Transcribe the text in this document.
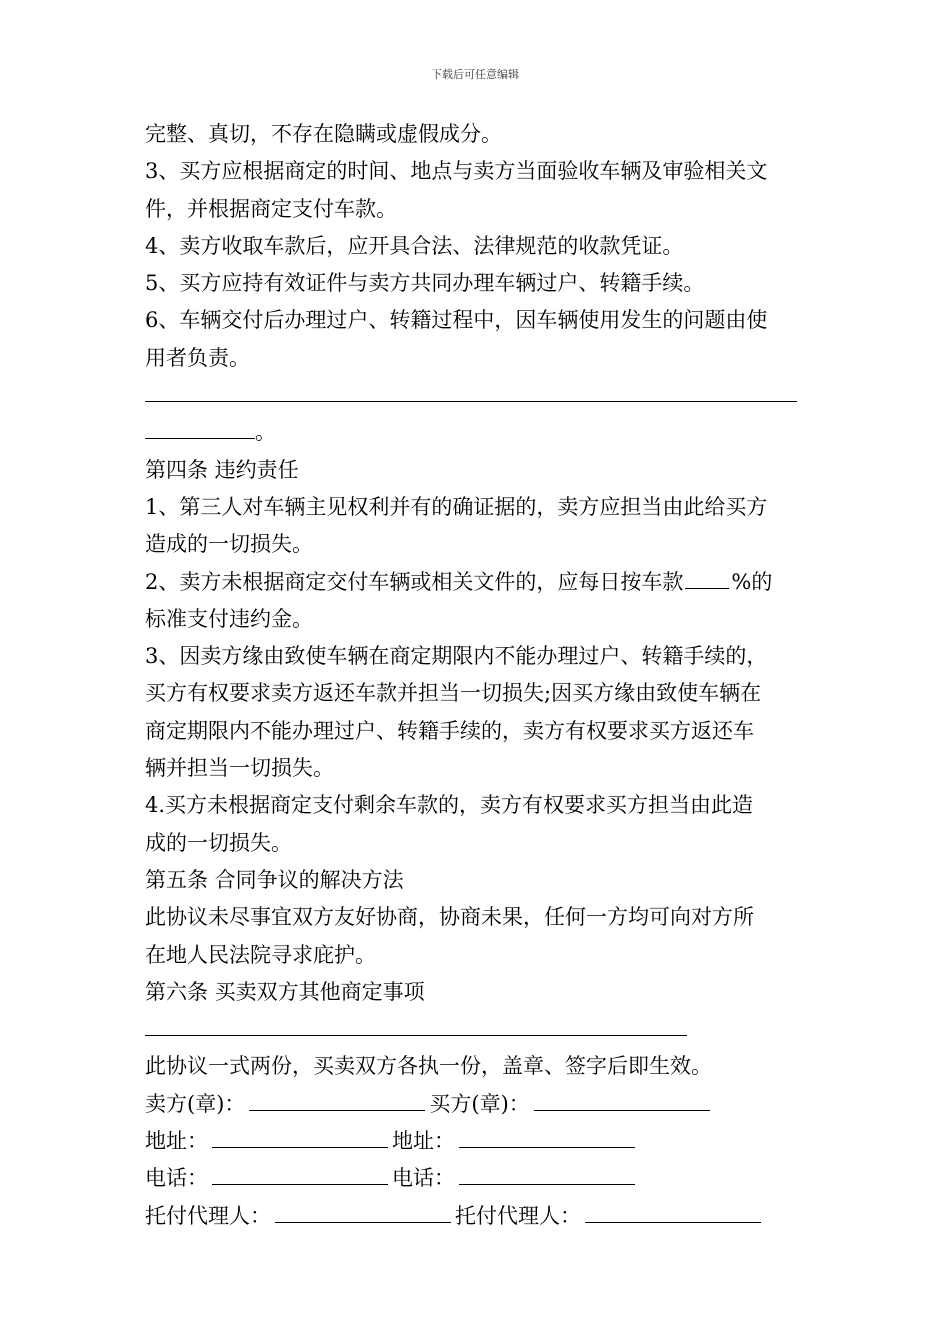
下载后可任意编辑
完整、真切，不存在隐瞒或虚假成分。
3、买方应根据商定的时间、地点与卖方当面验收车辆及审验相关文
件，并根据商定支付车款。
4、卖方收取车款后，应开具合法、法律规范的收款凭证。
5、买方应持有效证件与卖方共同办理车辆过户、转籍手续。
6、车辆交付后办理过户、转籍过程中，因车辆使用发生的问题由使
用者负责。
。
第四条 违约责任
1、第三人对车辆主见权利并有的确证据的，卖方应担当由此给买方
造成的一切损失。
2、卖方未根据商定交付车辆或相关文件的，应每日按车款 %的
标准支付违约金。
3、因卖方缘由致使车辆在商定期限内不能办理过户、转籍手续的，
买方有权要求卖方返还车款并担当一切损失;因买方缘由致使车辆在
商定期限内不能办理过户、转籍手续的，卖方有权要求买方返还车
辆并担当一切损失。
4.买方未根据商定支付剩余车款的，卖方有权要求买方担当由此造
成的一切损失。
第五条 合同争议的解决方法
此协议未尽事宜双方友好协商，协商未果，任何一方均可向对方所
在地人民法院寻求庇护。
第六条 买卖双方其他商定事项
此协议一式两份，买卖双方各执一份，盖章、签字后即生效。
卖方(章)：	买方(章)：
地址：	地址：
电话：	电话：
托付代理人：	托付代理人：
